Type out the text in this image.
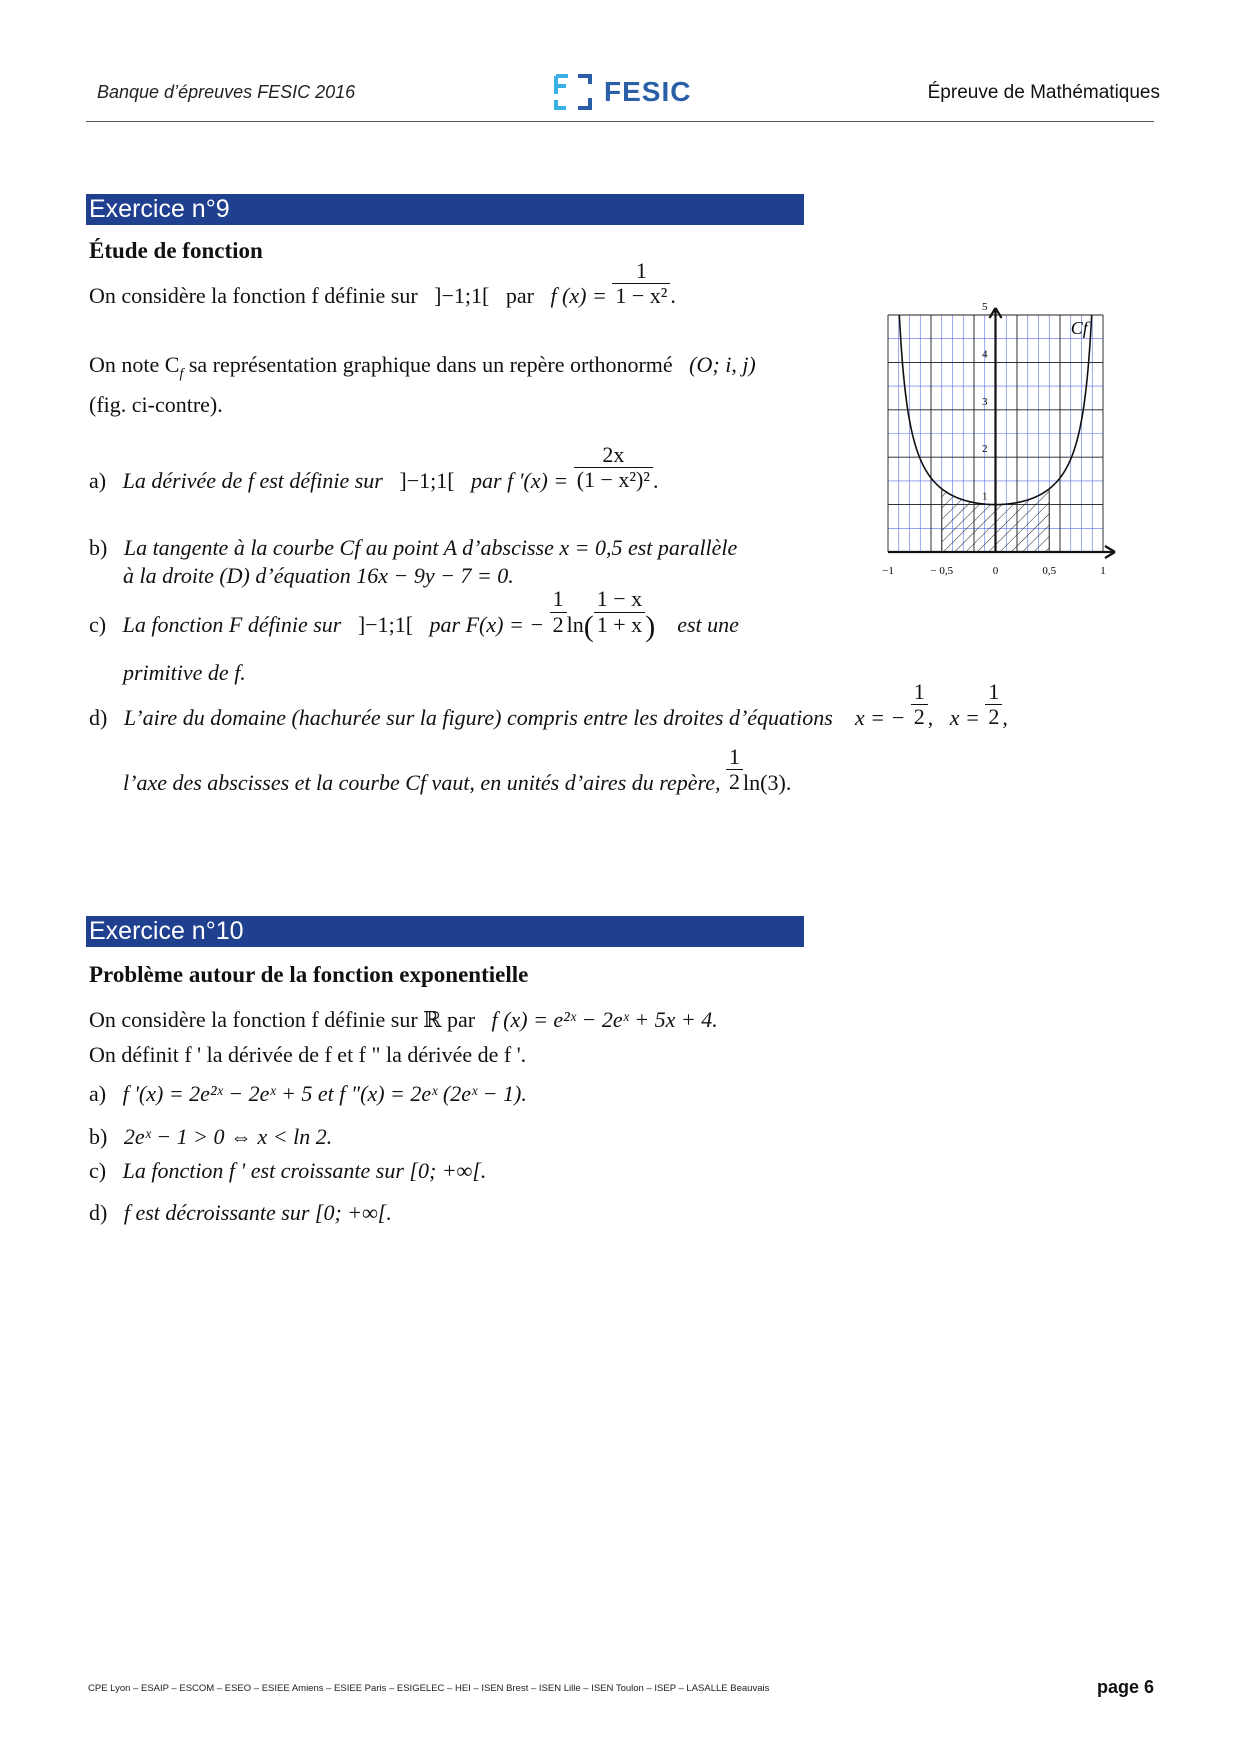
Banque d’épreuves FESIC 2016	FESIC	Épreuve de Mathématiques
Exercice n°9
Étude de fonction
On considère la fonction f définie sur ]−1;1[ par f $(x) = \frac{1}{\text{1 − x²}}$ .
On note $C_f$ sa représentation graphique dans un repère orthonormé (O; i, j)
(fig. ci-contre).
a) La dérivée de f est définie sur ]−1;1[ par f '$(x) = \frac{2x}{\text{(1 − x²)²}}$ .
b) La tangente à la courbe Cf au point A d’abscisse x = 0,5 est parallèle
à la droite (D) d’équation 16x − 9y − 7 = 0.
c) La fonction F définie sur ]−1;1[ par F(x) = − $\frac{1}{2} \ln( \frac{1 - x}{1 + x}$ ) est une
primitive de f.
d) L’aire du domaine (hachurée sur la figure) compris entre les droites d’équations x = − $\frac{1}{2}$ ,   $x = \frac{1}{2}$ ,
l’axe des abscisses et la courbe Cf vaut, en unités d’aires du repère, $\frac{1}{2} \ln(3)$.
Cf
−1	− 0,5	0	0,5	1
1
2
3
4
5
Exercice n°10
Problème autour de la fonction exponentielle
On considère la fonction f définie sur ℝ par f (x) = e²ˣ − 2eˣ + 5x + 4.
On définit f ' la dérivée de f et f " la dérivée de f '.
a) f '(x) = 2e²ˣ − 2eˣ + 5 et f "(x) = 2eˣ (2eˣ − 1).
b) 2eˣ − 1 > 0 ⇔ x < ln 2.
c) La fonction f ' est croissante sur [0; +∞[.
d) f est décroissante sur [0; +∞[.
CPE Lyon – ESAIP – ESCOM – ESEO – ESIEE Amiens – ESIEE Paris – ESIGELEC – HEI – ISEN Brest – ISEN Lille – ISEN Toulon – ISEP – LASALLE Beauvais	page 6
